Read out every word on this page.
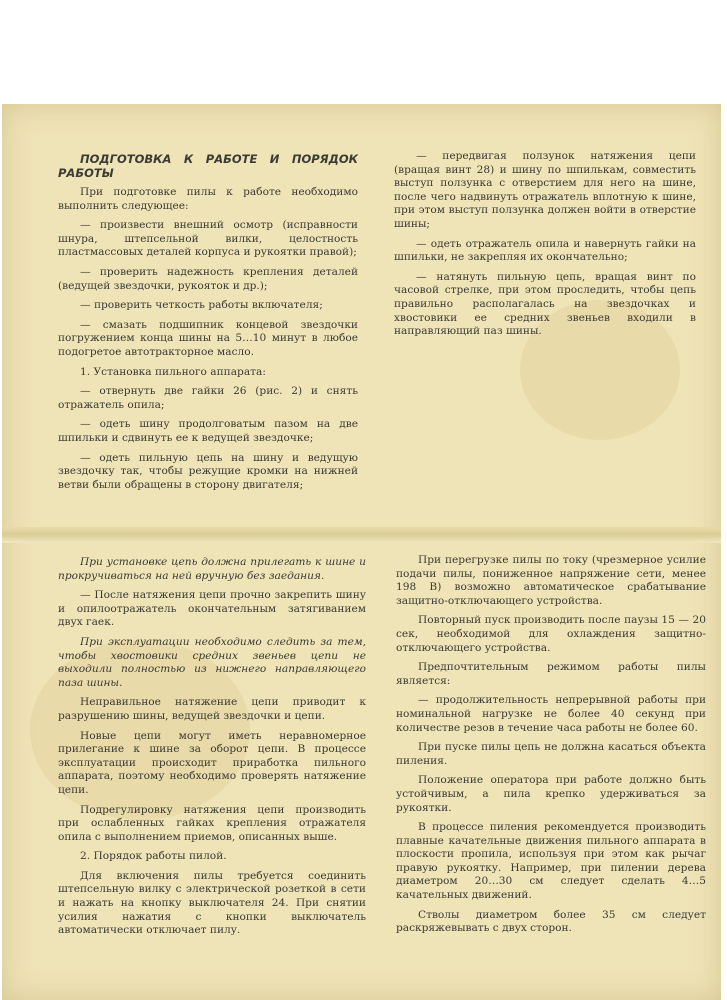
ПОДГОТОВКА К РАБОТЕ И ПОРЯДОК РАБОТЫ

При подготовке пилы к работе необходимо выполнить следующее:

— произвести внешний осмотр (исправности шнура, штепсельной вилки, целостность пластмассовых деталей корпуса и рукоятки правой);

— проверить надежность крепления деталей (ведущей звездочки, рукояток и др.);

— проверить четкость работы включателя;

— смазать подшипник концевой звездочки погружением конца шины на 5…10 минут в любое подогретое автотракторное масло.

1. Установка пильного аппарата:

— отвернуть две гайки 26 (рис. 2) и снять отражатель опила;

— одеть шину продолговатым пазом на две шпильки и сдвинуть ее к ведущей звездочке;

— одеть пильную цепь на шину и ведущую звездочку так, чтобы режущие кромки на нижней ветви были обращены в сторону двигателя;

— передвигая ползунок натяжения цепи (вращая винт 28) и шину по шпилькам, совместить выступ ползунка с отверстием для него на шине, после чего надвинуть отражатель вплотную к шине, при этом выступ ползунка должен войти в отверстие шины;

— одеть отражатель опила и навернуть гайки на шпильки, не закрепляя их окончательно;

— натянуть пильную цепь, вращая винт по часовой стрелке, при этом проследить, чтобы цепь правильно располагалась на звездочках и хвостовики ее средних звеньев входили в направляющий паз шины.

При установке цепь должна прилегать к шине и прокручиваться на ней вручную без заедания.

— После натяжения цепи прочно закрепить шину и опилоотражатель окончательным затягиванием двух гаек.

При эксплуатации необходимо следить за тем, чтобы хвостовики средних звеньев цепи не выходили полностью из нижнего направляющего паза шины.

Неправильное натяжение цепи приводит к разрушению шины, ведущей звездочки и цепи.

Новые цепи могут иметь неравномерное прилегание к шине за оборот цепи. В процессе эксплуатации происходит приработка пильного аппарата, поэтому необходимо проверять натяжение цепи.

Подрегулировку натяжения цепи производить при ослабленных гайках крепления отражателя опила с выполнением приемов, описанных выше.

2. Порядок работы пилой.

Для включения пилы требуется соединить штепсельную вилку с электрической розеткой в сети и нажать на кнопку выключателя 24. При снятии усилия нажатия с кнопки выключатель автоматически отключает пилу.

При перегрузке пилы по току (чрезмерное усилие подачи пилы, пониженное напряжение сети, менее 198 В) возможно автоматическое срабатывание защитно-отключающего устройства.

Повторный пуск производить после паузы 15 — 20 сек, необходимой для охлаждения защитно-отключающего устройства.

Предпочтительным режимом работы пилы является:

— продолжительность непрерывной работы при номинальной нагрузке не более 40 секунд при количестве резов в течение часа работы не более 60.

При пуске пилы цепь не должна касаться объекта пиления.

Положение оператора при работе должно быть устойчивым, а пила крепко удерживаться за рукоятки.

В процессе пиления рекомендуется производить плавные качательные движения пильного аппарата в плоскости пропила, используя при этом как рычаг правую рукоятку. Например, при пилении дерева диаметром 20…30 см следует сделать 4…5 качательных движений.

Стволы диаметром более 35 см следует раскряжевывать с двух сторон.
